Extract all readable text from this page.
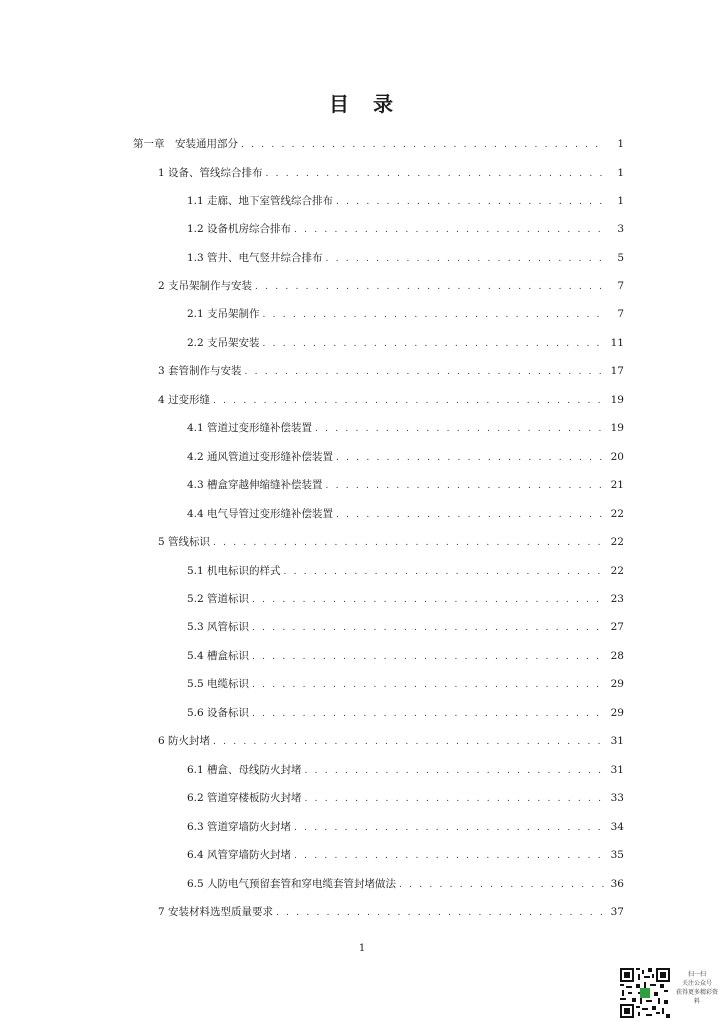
目 录
第一章　安装通用部分 . . .	1
1 设备、管线综合排布 . . .	1
1.1 走廊、地下室管线综合排布 . . .	1
1.2 设备机房综合排布 . . .	3
1.3 管井、电气竖井综合排布 . . .	5
2 支吊架制作与安装 . . .	7
2.1 支吊架制作 . . .	7
2.2 支吊架安装 . . .	11
3 套管制作与安装 . . .	17
4 过变形缝 . . .	19
4.1 管道过变形缝补偿装置 . . .	19
4.2 通风管道过变形缝补偿装置 . . .	20
4.3 槽盒穿越伸缩缝补偿装置 . . .	21
4.4 电气导管过变形缝补偿装置 . . .	22
5 管线标识 . . .	22
5.1 机电标识的样式 . . .	22
5.2 管道标识 . . .	23
5.3 风管标识 . . .	27
5.4 槽盒标识 . . .	28
5.5 电缆标识 . . .	29
5.6 设备标识 . . .	29
6 防火封堵 . . .	31
6.1 槽盒、母线防火封堵 . . .	31
6.2 管道穿楼板防火封堵 . . .	33
6.3 管道穿墙防火封堵 . . .	34
6.4 风管穿墙防火封堵 . . .	35
6.5 人防电气预留套管和穿电缆套管封堵做法 . . .	36
7 安装材料选型质量要求 . . .	37
1
扫一扫
关注公众号
获得更多精彩资
料
